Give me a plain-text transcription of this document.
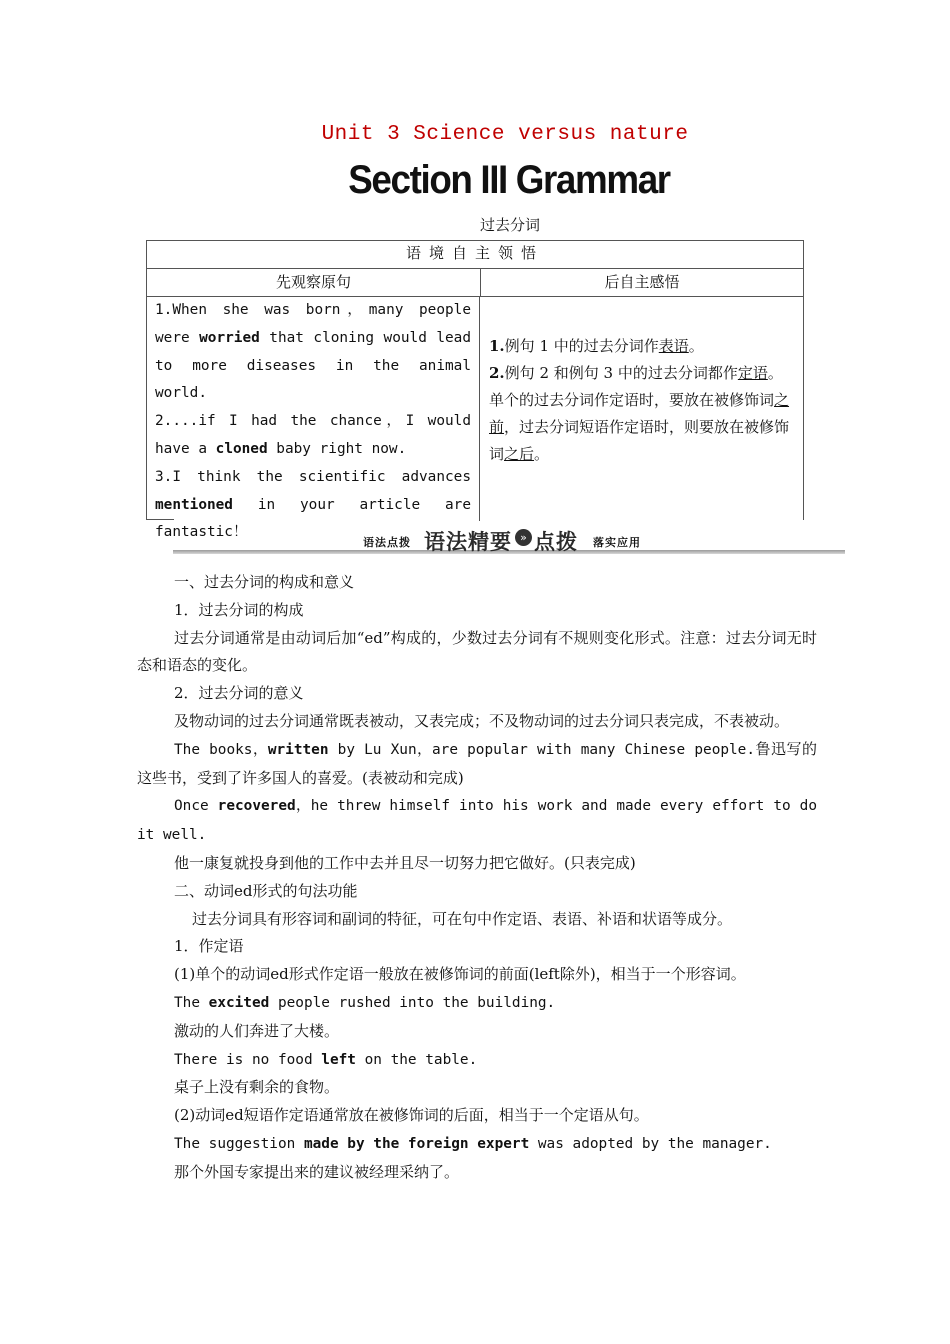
Unit 3 Science versus nature
Section III Grammar
过去分词
语境自主领悟
先观察原句	后自主感悟
1.When she was born，many people were worried that cloning would lead to more diseases in the animal world.
2....if I had the chance，I would have a cloned baby right now.
3.I think the scientific advances mentioned in your article are fantastic！
1.例句 1 中的过去分词作表语。
2.例句 2 和例句 3 中的过去分词都作定语。单个的过去分词作定语时，要放在被修饰词之前，过去分词短语作定语时，则要放在被修饰词之后。
语法点拨 语法精要 » 点拨 落实应用

一、过去分词的构成和意义

1．过去分词的构成

过去分词通常是由动词后加“ed”构成的，少数过去分词有不规则变化形式。注意：过去分词无时态和语态的变化。

2．过去分词的意义

及物动词的过去分词通常既表被动，又表完成；不及物动词的过去分词只表完成，不表被动。

The books，written by Lu Xun，are popular with many Chinese people.鲁迅写的这些书，受到了许多国人的喜爱。(表被动和完成)

Once recovered，he threw himself into his work and made every effort to do it well.

他一康复就投身到他的工作中去并且尽一切努力把它做好。(只表完成)

二、动词ed形式的句法功能

过去分词具有形容词和副词的特征，可在句中作定语、表语、补语和状语等成分。

1．作定语

(1)单个的动词ed形式作定语一般放在被修饰词的前面(left除外)，相当于一个形容词。

The excited people rushed into the building.

激动的人们奔进了大楼。

There is no food left on the table.

桌子上没有剩余的食物。

(2)动词ed短语作定语通常放在被修饰词的后面，相当于一个定语从句。

The suggestion made by the foreign expert was adopted by the manager.

那个外国专家提出来的建议被经理采纳了。
